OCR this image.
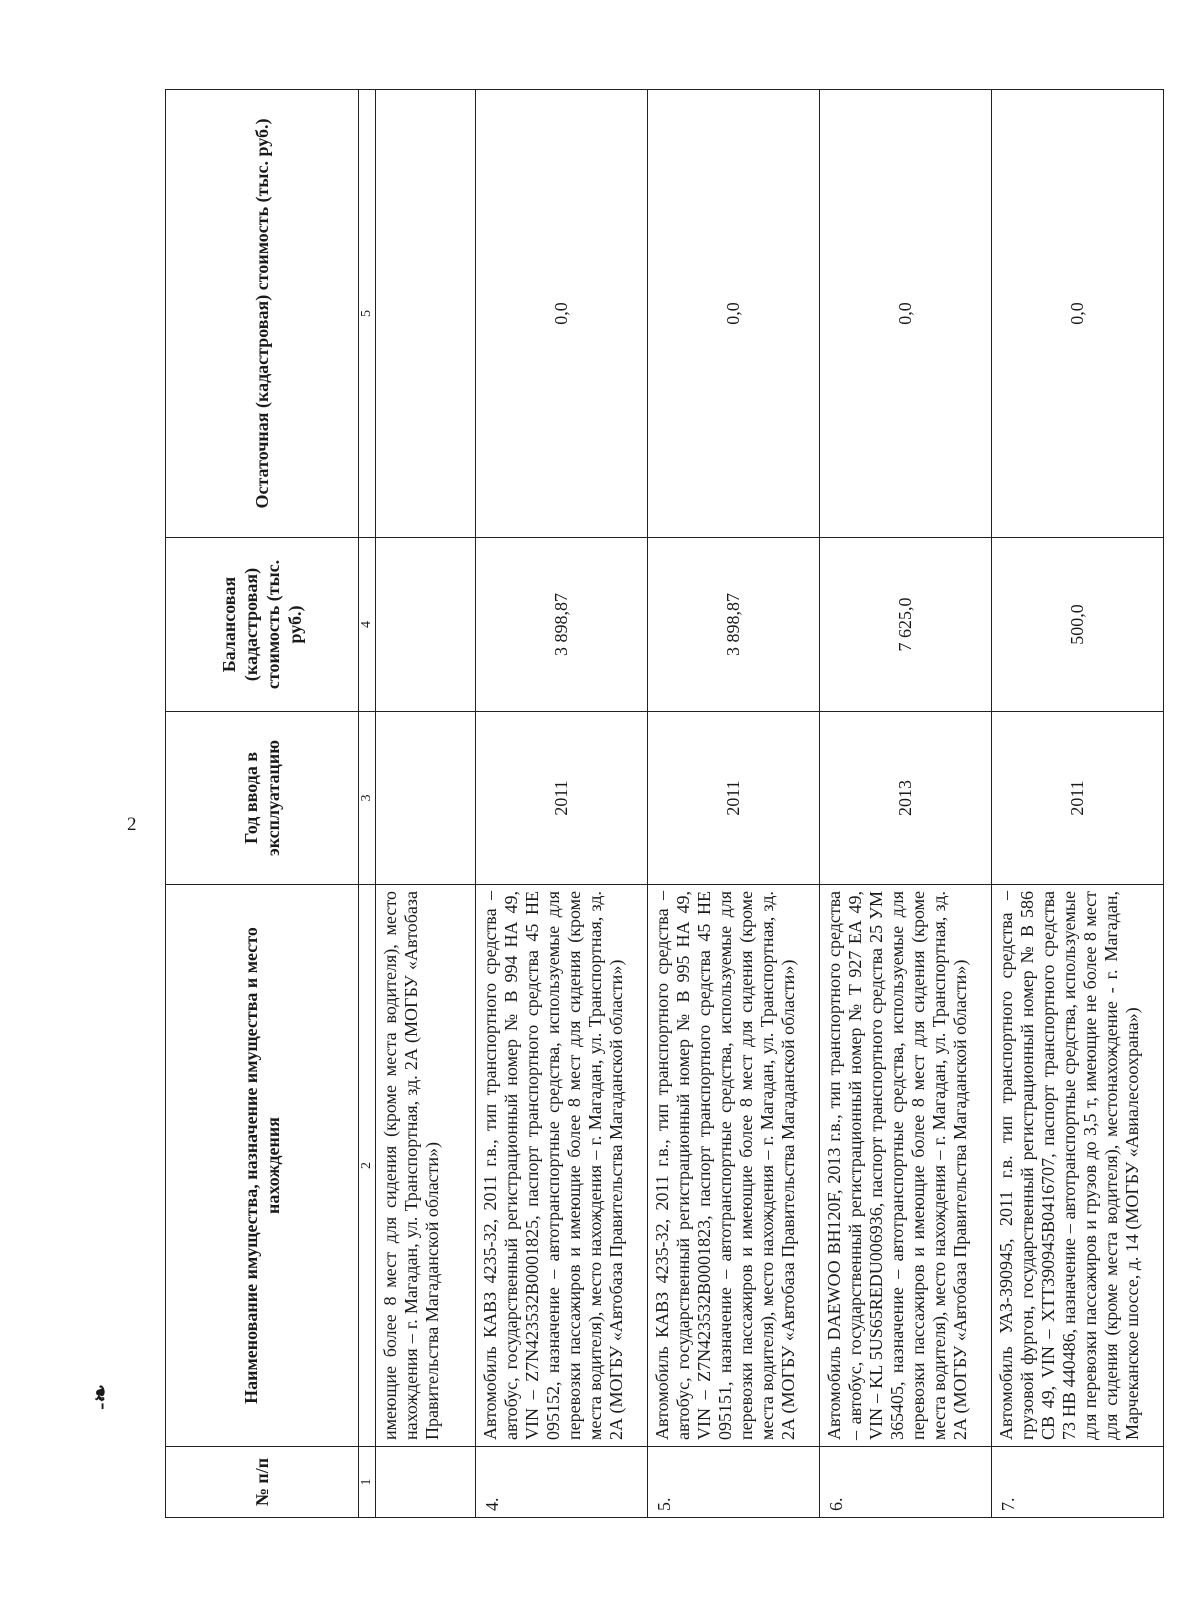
2
-❧
№ п/п	Наименование имущества, назначение имущества и место нахождения	Год ввода в эксплуатацию	Балансовая (кадастровая) стоимость (тыс. руб.)	Остаточная (кадастровая) стоимость (тыс. руб.)
1	2	3	4	5
	имеющие более 8 мест для сидения (кроме места водителя), место нахождения – г. Магадан, ул. Транспортная, зд. 2А (МОГБУ «Автобаза Правительства Магаданской области»)			
4.	Автомобиль КАВЗ 4235-32, 2011 г.в., тип транспортного средства – автобус, государственный регистрационный номер № В 994 НА 49, VIN – Z7N423532B0001825, паспорт транспортного средства 45 НЕ 095152, назначение – автотранспортные средства, используемые для перевозки пассажиров и имеющие более 8 мест для сидения (кроме места водителя), место нахождения – г. Магадан, ул. Транспортная, зд. 2А (МОГБУ «Автобаза Правительства Магаданской области»)	2011	3 898,87	0,0
5.	Автомобиль КАВЗ 4235-32, 2011 г.в., тип транспортного средства – автобус, государственный регистрационный номер № В 995 НА 49, VIN – Z7N423532B0001823, паспорт транспортного средства 45 НЕ 095151, назначение – автотранспортные средства, используемые для перевозки пассажиров и имеющие более 8 мест для сидения (кроме места водителя), место нахождения – г. Магадан, ул. Транспортная, зд. 2А (МОГБУ «Автобаза Правительства Магаданской области»)	2011	3 898,87	0,0
6.	Автомобиль DAEWOO BH120F, 2013 г.в., тип транспортного средства – автобус, государственный регистрационный номер № Т 927 ЕА 49, VIN – KL 5US65REDU006936, паспорт транспортного средства 25 УМ 365405, назначение – автотранспортные средства, используемые для перевозки пассажиров и имеющие более 8 мест для сидения (кроме места водителя), место нахождения – г. Магадан, ул. Транспортная, зд. 2А (МОГБУ «Автобаза Правительства Магаданской области»)	2013	7 625,0	0,0
7.	Автомобиль УАЗ-390945, 2011 г.в. тип транспортного средства – грузовой фургон, государственный регистрационный номер № В 586 СВ 49, VIN – ХТТ390945В0416707, паспорт транспортного средства 73 НВ 440486, назначение – автотранспортные средства, используемые для перевозки пассажиров и грузов до 3,5 т, имеющие не более 8 мест для сидения (кроме места водителя), местонахождение - г. Магадан, Марчеканское шоссе, д. 14 (МОГБУ «Авиалесоохрана»)	2011	500,0	0,0
